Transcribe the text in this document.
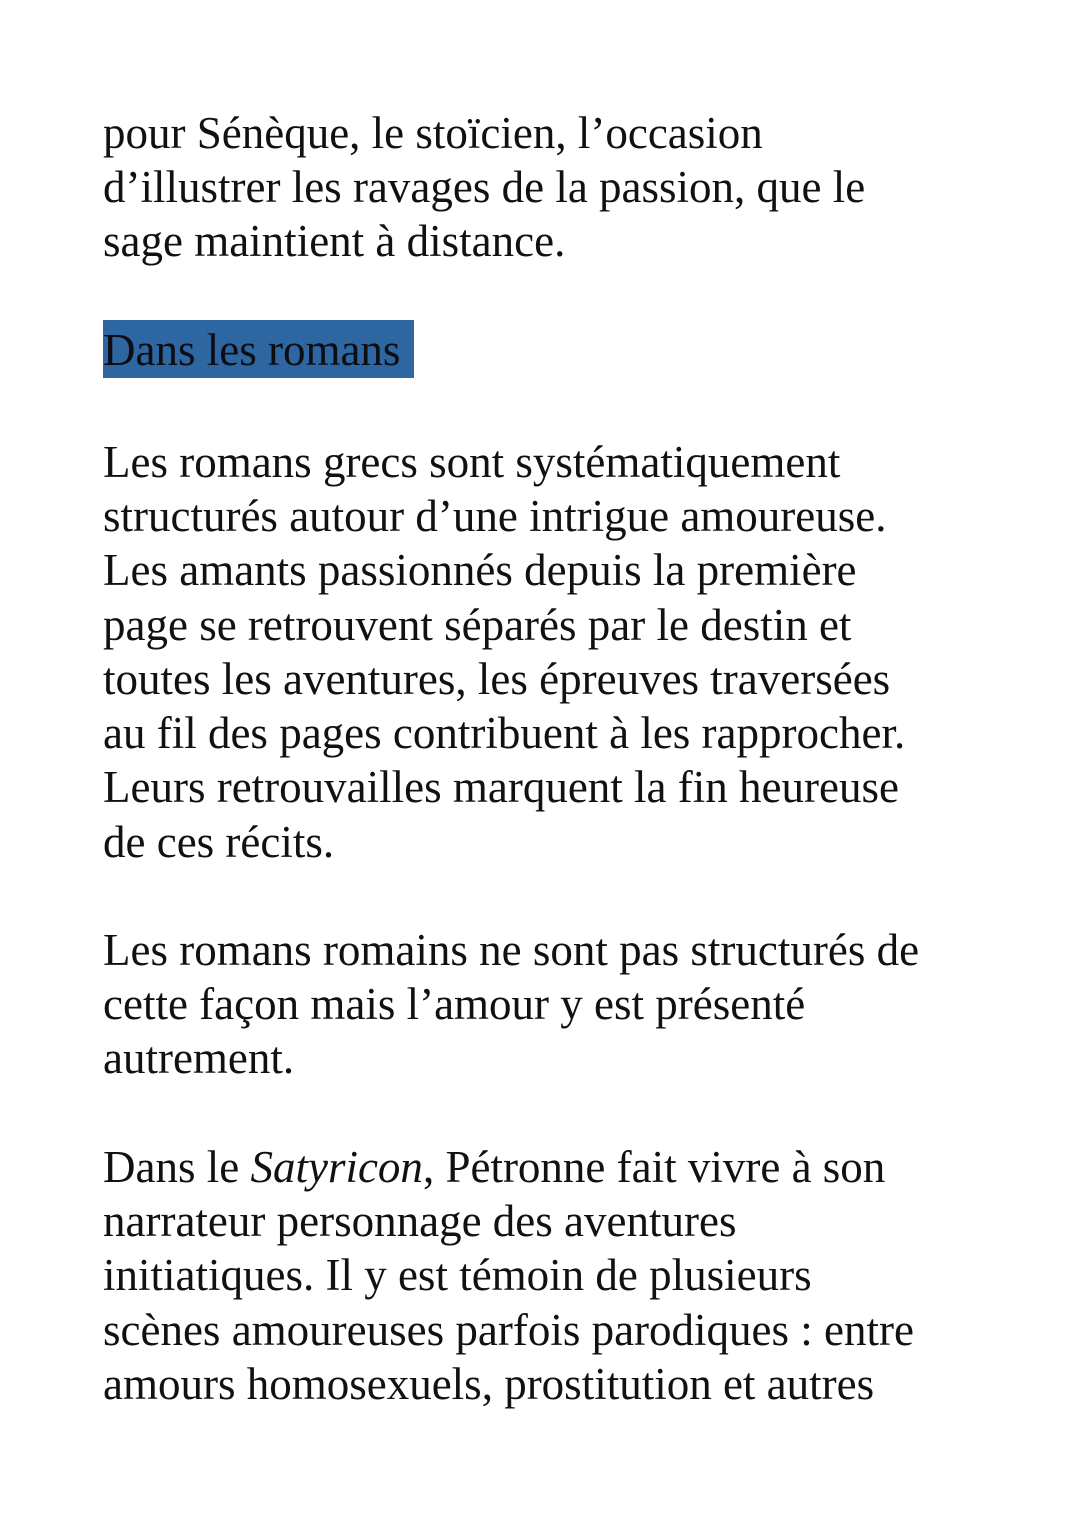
pour Sénèque, le stoïcien, l’occasion
d’illustrer les ravages de la passion, que le
sage maintient à distance.
Dans les romans
Les romans grecs sont systématiquement
structurés autour d’une intrigue amoureuse.
Les amants passionnés depuis la première
page se retrouvent séparés par le destin et
toutes les aventures, les épreuves traversées
au fil des pages contribuent à les rapprocher.
Leurs retrouvailles marquent la fin heureuse
de ces récits.
Les romans romains ne sont pas structurés de
cette façon mais l’amour y est présenté
autrement.
Dans le Satyricon, Pétronne fait vivre à son
narrateur personnage des aventures
initiatiques. Il y est témoin de plusieurs
scènes amoureuses parfois parodiques : entre
amours homosexuels, prostitution et autres
